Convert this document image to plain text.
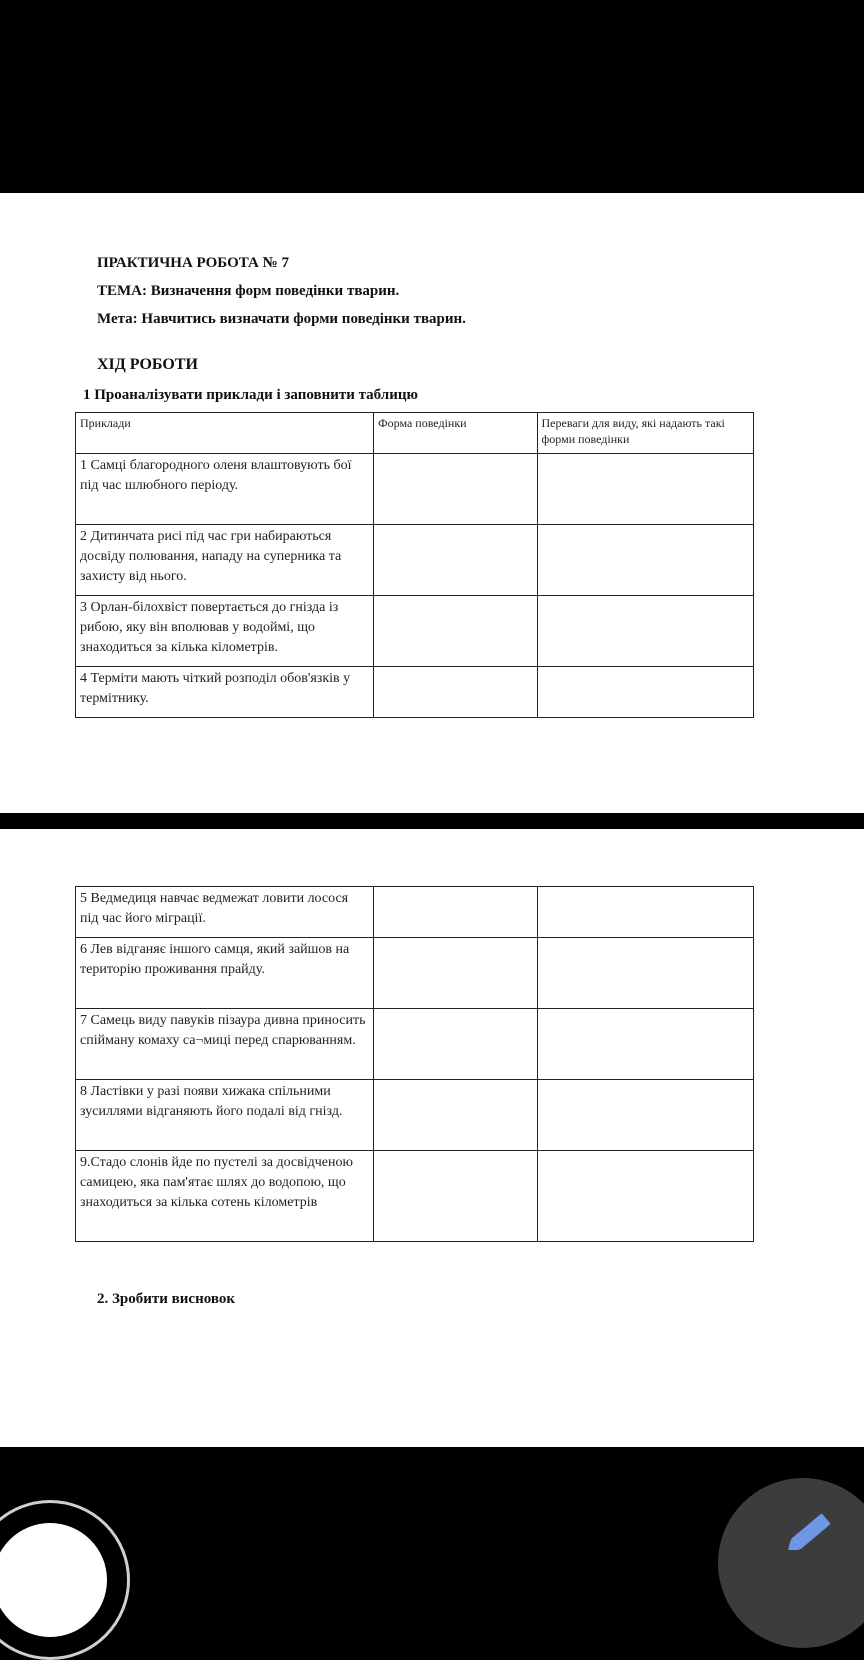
ПРАКТИЧНА РОБОТА № 7
ТЕМА: Визначення форм поведінки тварин.
Мета: Навчитись визначати форми поведінки тварин.
ХІД РОБОТИ
1 Проаналізувати приклади і заповнити таблицю
Приклади	Форма поведінки	Переваги для виду, які надають такі форми поведінки
1 Самці благородного оленя влаштовують бої під час шлюбного періоду.		
2 Дитинчата рисі під час гри набираються досвіду полювання, нападу на суперника та захисту від нього.		
3 Орлан-білохвіст повертається до гнізда із рибою, яку він вполював у водоймі, що знаходиться за кілька кілометрів.		
4 Терміти мають чіткий розподіл обов'язків у термітнику.		
5 Ведмедиця навчає ведмежат ловити лосося під час його міграції.		
6 Лев відганяє іншого самця, який зайшов на територію проживання прайду.		
7 Самець виду павуків пізаура дивна приносить спійману комаху са¬миці перед спарюванням.		
8 Ластівки у разі появи хижака спільними зусиллями відганяють його подалі від гнізд.		
9.Стадо слонів йде по пустелі за досвідченою самицею, яка пам'ятає шлях до водопою, що знаходиться за кілька сотень кілометрів		
2. Зробити висновок
